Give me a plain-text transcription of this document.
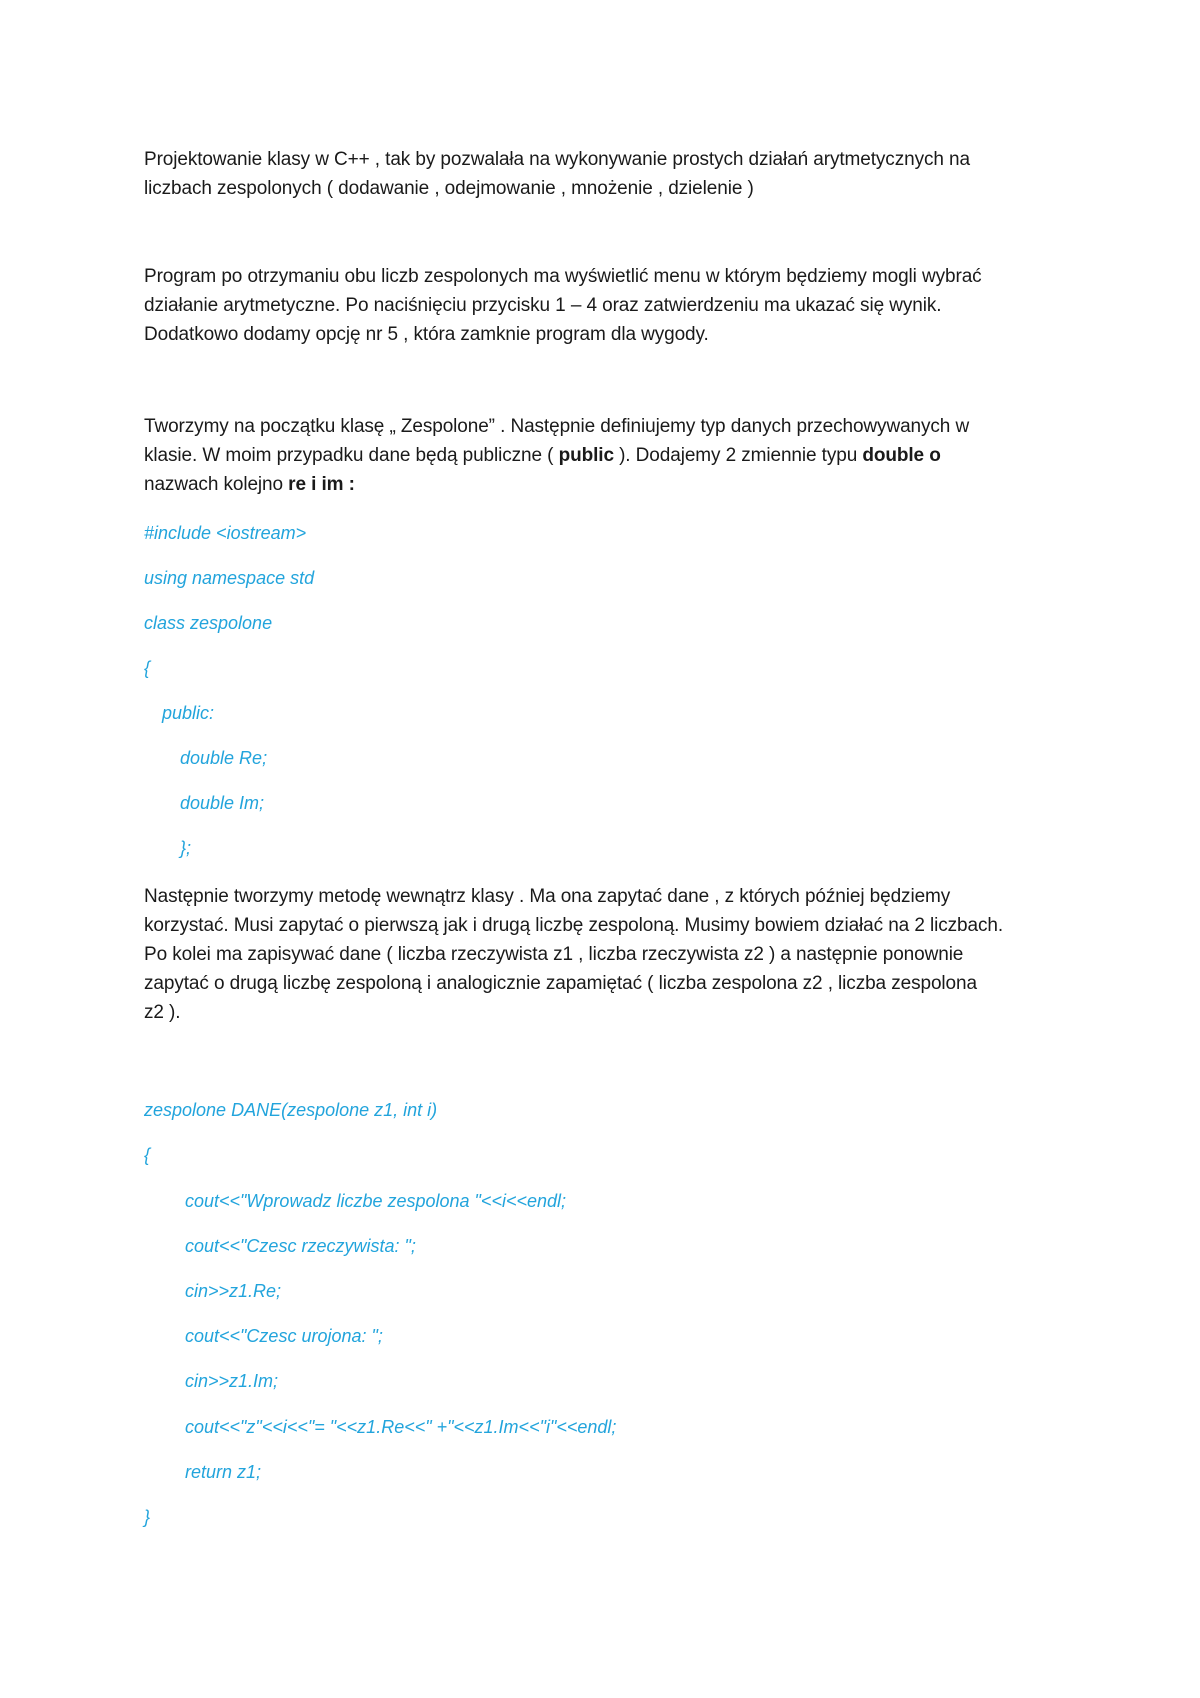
Projektowanie klasy w C++ , tak by pozwalała na wykonywanie prostych działań arytmetycznych na
liczbach zespolonych ( dodawanie , odejmowanie , mnożenie , dzielenie )
Program po otrzymaniu obu liczb zespolonych ma wyświetlić menu w którym będziemy mogli wybrać
działanie arytmetyczne. Po naciśnięciu przycisku 1 – 4 oraz zatwierdzeniu ma ukazać się wynik.
Dodatkowo dodamy opcję nr 5 , która zamknie program dla wygody.
Tworzymy na początku klasę „ Zespolone” . Następnie definiujemy typ danych przechowywanych w
klasie. W moim przypadku dane będą publiczne ( public ). Dodajemy 2 zmiennie typu double o
nazwach kolejno re i im :
#include <iostream>
using namespace std
class zespolone
{
public:
double Re;
double Im;
};
Następnie tworzymy metodę wewnątrz klasy . Ma ona zapytać dane , z których później będziemy
korzystać. Musi zapytać o pierwszą jak i drugą liczbę zespoloną. Musimy bowiem działać na 2 liczbach.
Po kolei ma zapisywać dane ( liczba rzeczywista z1 , liczba rzeczywista z2 ) a następnie ponownie
zapytać o drugą liczbę zespoloną i analogicznie zapamiętać ( liczba zespolona z2 , liczba zespolona
z2 ).
zespolone DANE(zespolone z1, int i)
{
cout<<"Wprowadz liczbe zespolona "<<i<<endl;
cout<<"Czesc rzeczywista: ";
cin>>z1.Re;
cout<<"Czesc urojona: ";
cin>>z1.Im;
cout<<"z"<<i<<"= "<<z1.Re<<" +"<<z1.Im<<"i"<<endl;
return z1;
}
